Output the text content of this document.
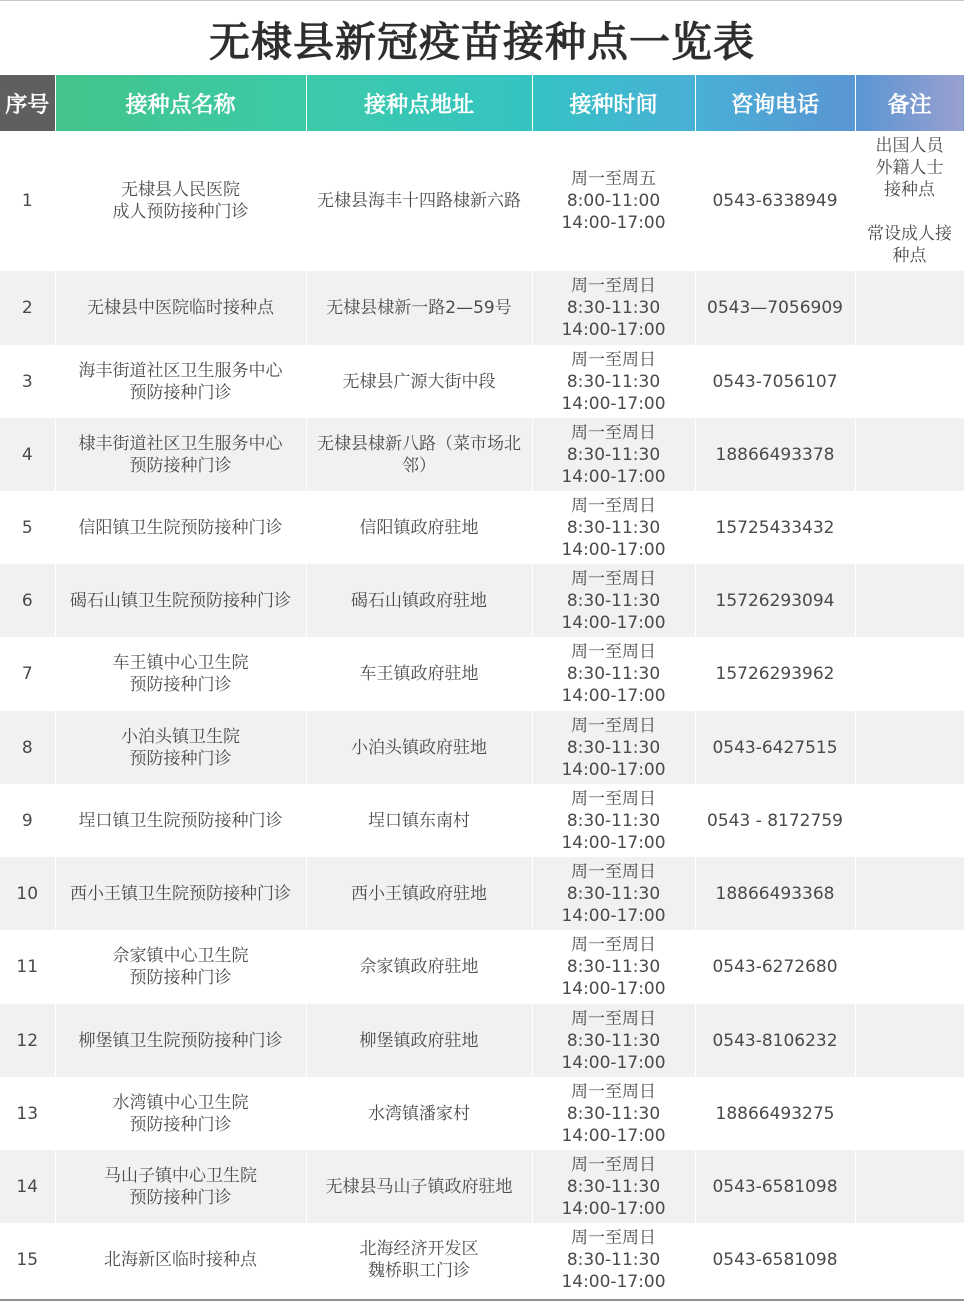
无棣县新冠疫苗接种点一览表
序号	接种点名称	接种点地址	接种时间	咨询电话	备注
1	无棣县人民医院
成人预防接种门诊	无棣县海丰十四路棣新六路	周一至周五
8:00-11:00
14:00-17:00	0543-6338949	出国人员
外籍人士
接种点

常设成人接
种点
2	无棣县中医院临时接种点	无棣县棣新一路2—59号	周一至周日
8:30-11:30
14:00-17:00	0543—7056909	
3	海丰街道社区卫生服务中心
预防接种门诊	无棣县广源大街中段	周一至周日
8:30-11:30
14:00-17:00	0543-7056107	
4	棣丰街道社区卫生服务中心
预防接种门诊	无棣县棣新八路（菜市场北
邻）	周一至周日
8:30-11:30
14:00-17:00	18866493378	
5	信阳镇卫生院预防接种门诊	信阳镇政府驻地	周一至周日
8:30-11:30
14:00-17:00	15725433432	
6	碣石山镇卫生院预防接种门诊	碣石山镇政府驻地	周一至周日
8:30-11:30
14:00-17:00	15726293094	
7	车王镇中心卫生院
预防接种门诊	车王镇政府驻地	周一至周日
8:30-11:30
14:00-17:00	15726293962	
8	小泊头镇卫生院
预防接种门诊	小泊头镇政府驻地	周一至周日
8:30-11:30
14:00-17:00	0543-6427515	
9	埕口镇卫生院预防接种门诊	埕口镇东南村	周一至周日
8:30-11:30
14:00-17:00	0543 - 8172759	
10	西小王镇卫生院预防接种门诊	西小王镇政府驻地	周一至周日
8:30-11:30
14:00-17:00	18866493368	
11	佘家镇中心卫生院
预防接种门诊	佘家镇政府驻地	周一至周日
8:30-11:30
14:00-17:00	0543-6272680	
12	柳堡镇卫生院预防接种门诊	柳堡镇政府驻地	周一至周日
8:30-11:30
14:00-17:00	0543-8106232	
13	水湾镇中心卫生院
预防接种门诊	水湾镇潘家村	周一至周日
8:30-11:30
14:00-17:00	18866493275	
14	马山子镇中心卫生院
预防接种门诊	无棣县马山子镇政府驻地	周一至周日
8:30-11:30
14:00-17:00	0543-6581098	
15	北海新区临时接种点	北海经济开发区
魏桥职工门诊	周一至周日
8:30-11:30
14:00-17:00	0543-6581098	
